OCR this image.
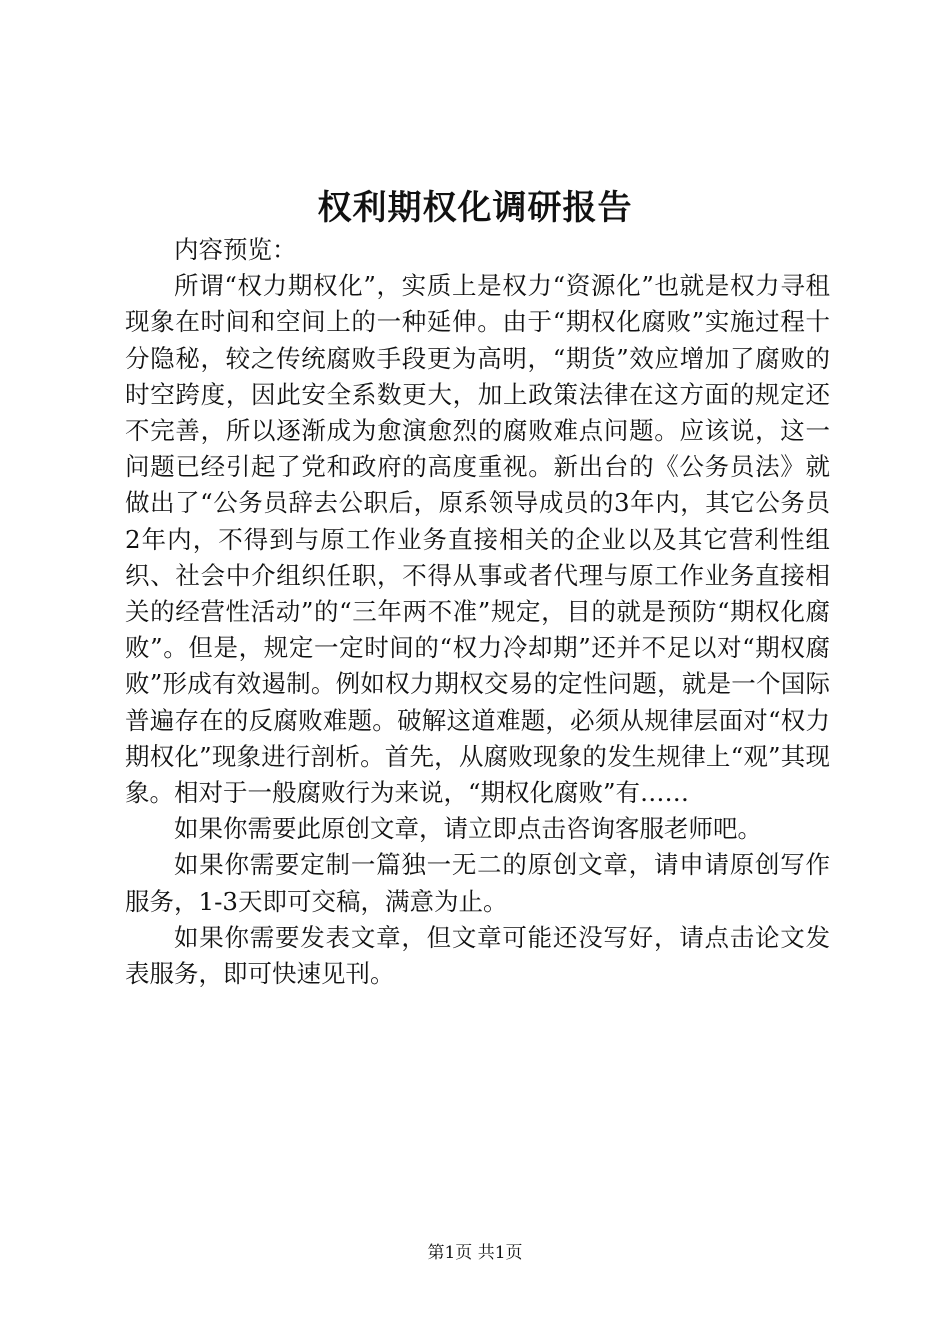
权利期权化调研报告

内容预览：

所谓“权力期权化”，实质上是权力“资源化”也就是权力寻租现象在时间和空间上的一种延伸。由于“期权化腐败”实施过程十分隐秘，较之传统腐败手段更为高明，“期货”效应增加了腐败的时空跨度，因此安全系数更大，加上政策法律在这方面的规定还不完善，所以逐渐成为愈演愈烈的腐败难点问题。应该说，这一问题已经引起了党和政府的高度重视。新出台的《公务员法》就做出了“公务员辞去公职后，原系领导成员的3年内，其它公务员2年内，不得到与原工作业务直接相关的企业以及其它营利性组织、社会中介组织任职，不得从事或者代理与原工作业务直接相关的经营性活动”的“三年两不准”规定，目的就是预防“期权化腐败”。但是，规定一定时间的“权力冷却期”还并不足以对“期权腐败”形成有效遏制。例如权力期权交易的定性问题，就是一个国际普遍存在的反腐败难题。破解这道难题，必须从规律层面对“权力期权化”现象进行剖析。首先，从腐败现象的发生规律上“观”其现象。相对于一般腐败行为来说，“期权化腐败”有……

如果你需要此原创文章，请立即点击咨询客服老师吧。

如果你需要定制一篇独一无二的原创文章，请申请原创写作服务，1-3天即可交稿，满意为止。

如果你需要发表文章，但文章可能还没写好，请点击论文发表服务，即可快速见刊。

第1页 共1页
